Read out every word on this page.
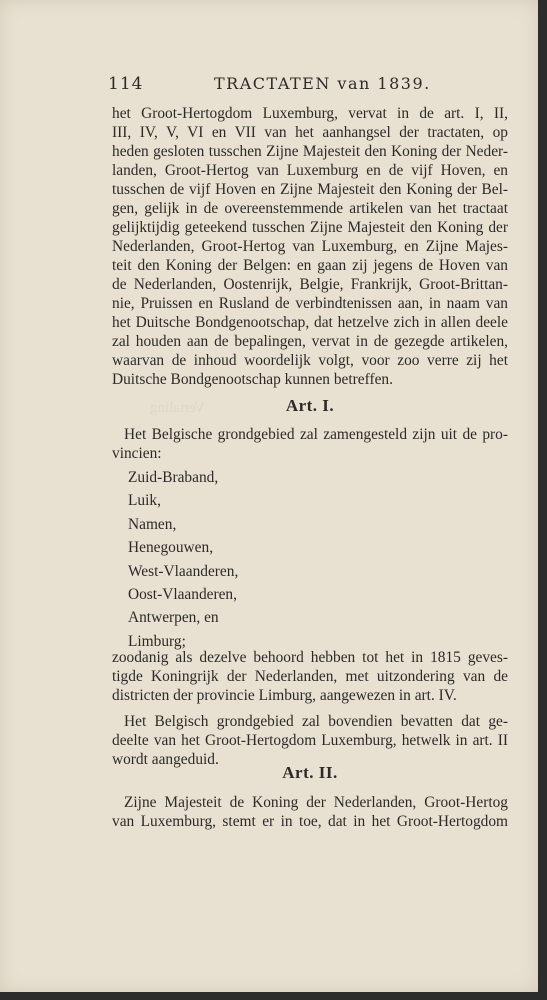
Vertaling
114	TRACTATEN van 1839.
het Groot-Hertogdom Luxemburg, vervat in de art. I, II,
III, IV, V, VI en VII van het aanhangsel der tractaten, op
heden gesloten tusschen Zijne Majesteit den Koning der Neder-
landen, Groot-Hertog van Luxemburg en de vijf Hoven, en
tusschen de vijf Hoven en Zijne Majesteit den Koning der Bel-
gen, gelijk in de overeenstemmende artikelen van het tractaat
gelijktijdig geteekend tusschen Zijne Majesteit den Koning der
Nederlanden, Groot-Hertog van Luxemburg, en Zijne Majes-
teit den Koning der Belgen: en gaan zij jegens de Hoven van
de Nederlanden, Oostenrijk, Belgie, Frankrijk, Groot-Brittan-
nie, Pruissen en Rusland de verbindtenissen aan, in naam van
het Duitsche Bondgenootschap, dat hetzelve zich in allen deele
zal houden aan de bepalingen, vervat in de gezegde artikelen,
waarvan de inhoud woordelijk volgt, voor zoo verre zij het
Duitsche Bondgenootschap kunnen betreffen.
Art. I.
Het Belgische grondgebied zal zamengesteld zijn uit de pro-
vincien:
Zuid-Braband,
Luik,
Namen,
Henegouwen,
West-Vlaanderen,
Oost-Vlaanderen,
Antwerpen, en
Limburg;
zoodanig als dezelve behoord hebben tot het in 1815 geves-
tigde Koningrijk der Nederlanden, met uitzondering van de
districten der provincie Limburg, aangewezen in art. IV.
Het Belgisch grondgebied zal bovendien bevatten dat ge-
deelte van het Groot-Hertogdom Luxemburg, hetwelk in art. II
wordt aangeduid.
Art. II.
Zijne Majesteit de Koning der Nederlanden, Groot-Hertog
van Luxemburg, stemt er in toe, dat in het Groot-Hertogdom
